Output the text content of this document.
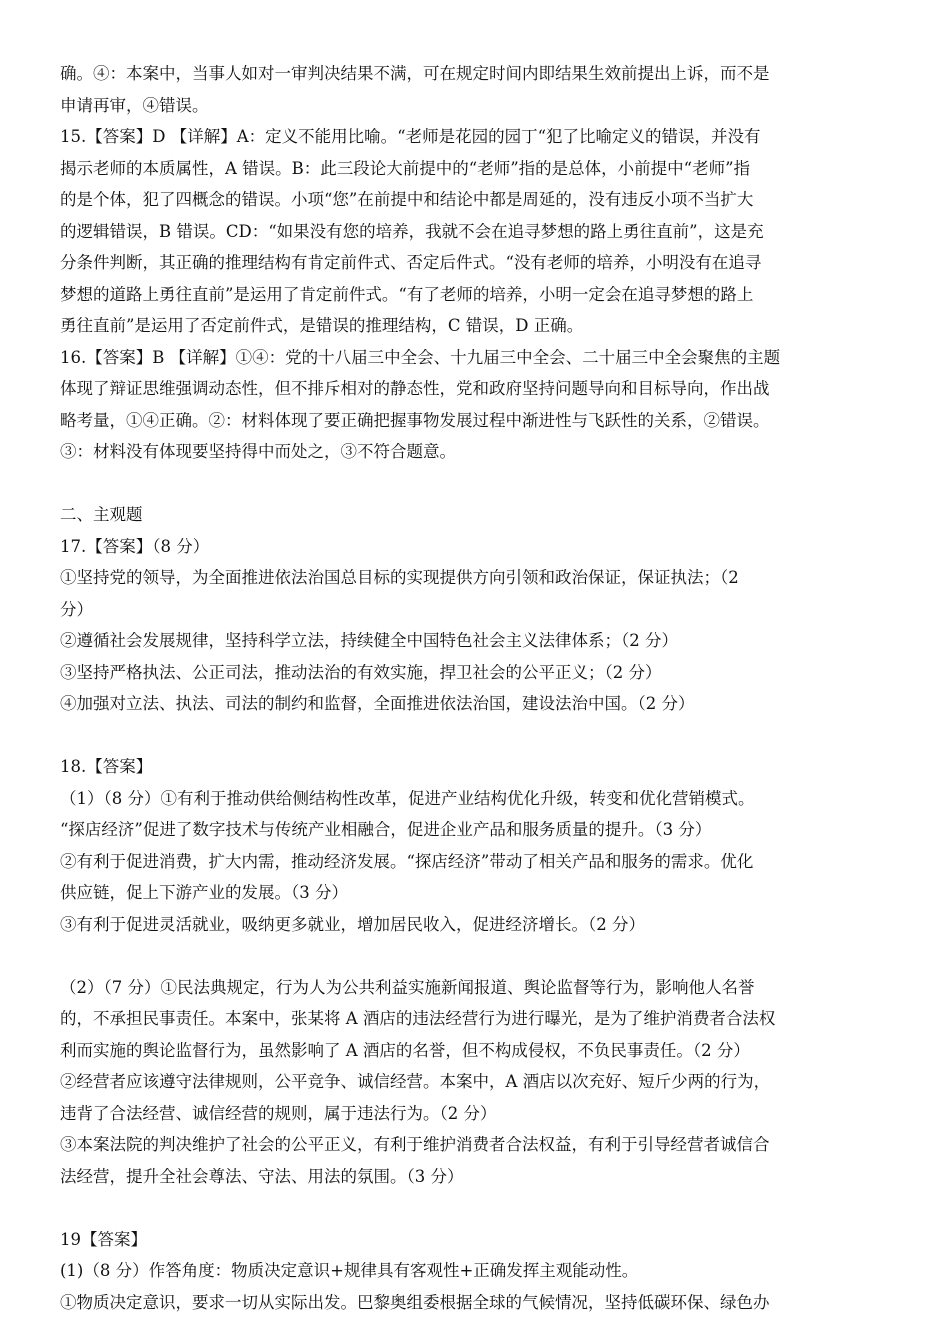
确。④：本案中，当事人如对一审判决结果不满，可在规定时间内即结果生效前提出上诉，而不是
申请再审，④错误。
15.【答案】D 【详解】A：定义不能用比喻。“老师是花园的园丁“犯了比喻定义的错误，并没有
揭示老师的本质属性，A 错误。B：此三段论大前提中的“老师”指的是总体，小前提中“老师”指
的是个体，犯了四概念的错误。小项“您”在前提中和结论中都是周延的，没有违反小项不当扩大
的逻辑错误，B 错误。CD：“如果没有您的培养，我就不会在追寻梦想的路上勇往直前”，这是充
分条件判断，其正确的推理结构有肯定前件式、否定后件式。“没有老师的培养，小明没有在追寻
梦想的道路上勇往直前”是运用了肯定前件式。“有了老师的培养，小明一定会在追寻梦想的路上
勇往直前”是运用了否定前件式，是错误的推理结构，C 错误，D 正确。
16.【答案】B 【详解】①④：党的十八届三中全会、十九届三中全会、二十届三中全会聚焦的主题
体现了辩证思维强调动态性，但不排斥相对的静态性，党和政府坚持问题导向和目标导向，作出战
略考量，①④正确。②：材料体现了要正确把握事物发展过程中渐进性与飞跃性的关系，②错误。
③：材料没有体现要坚持得中而处之，③不符合题意。
二、主观题
17.【答案】（8 分）
①坚持党的领导，为全面推进依法治国总目标的实现提供方向引领和政治保证，保证执法；（2
分）
②遵循社会发展规律，坚持科学立法，持续健全中国特色社会主义法律体系；（2 分）
③坚持严格执法、公正司法，推动法治的有效实施，捍卫社会的公平正义；（2 分）
④加强对立法、执法、司法的制约和监督，全面推进依法治国，建设法治中国。（2 分）
18.【答案】
（1）（8 分）①有利于推动供给侧结构性改革，促进产业结构优化升级，转变和优化营销模式。
“探店经济”促进了数字技术与传统产业相融合，促进企业产品和服务质量的提升。（3 分）
②有利于促进消费，扩大内需，推动经济发展。“探店经济”带动了相关产品和服务的需求。优化
供应链，促上下游产业的发展。（3 分）
③有利于促进灵活就业，吸纳更多就业，增加居民收入，促进经济增长。（2 分）
（2）（7 分）①民法典规定，行为人为公共利益实施新闻报道、舆论监督等行为，影响他人名誉
的，不承担民事责任。本案中，张某将 A 酒店的违法经营行为进行曝光，是为了维护消费者合法权
利而实施的舆论监督行为，虽然影响了 A 酒店的名誉，但不构成侵权，不负民事责任。（2 分）
②经营者应该遵守法律规则，公平竞争、诚信经营。本案中，A 酒店以次充好、短斤少两的行为，
违背了合法经营、诚信经营的规则，属于违法行为。（2 分）
③本案法院的判决维护了社会的公平正义，有利于维护消费者合法权益，有利于引导经营者诚信合
法经营，提升全社会尊法、守法、用法的氛围。（3 分）
19【答案】
(1)（8 分）作答角度：物质决定意识+规律具有客观性+正确发挥主观能动性。
①物质决定意识，要求一切从实际出发。巴黎奥组委根据全球的气候情况，坚持低碳环保、绿色办
